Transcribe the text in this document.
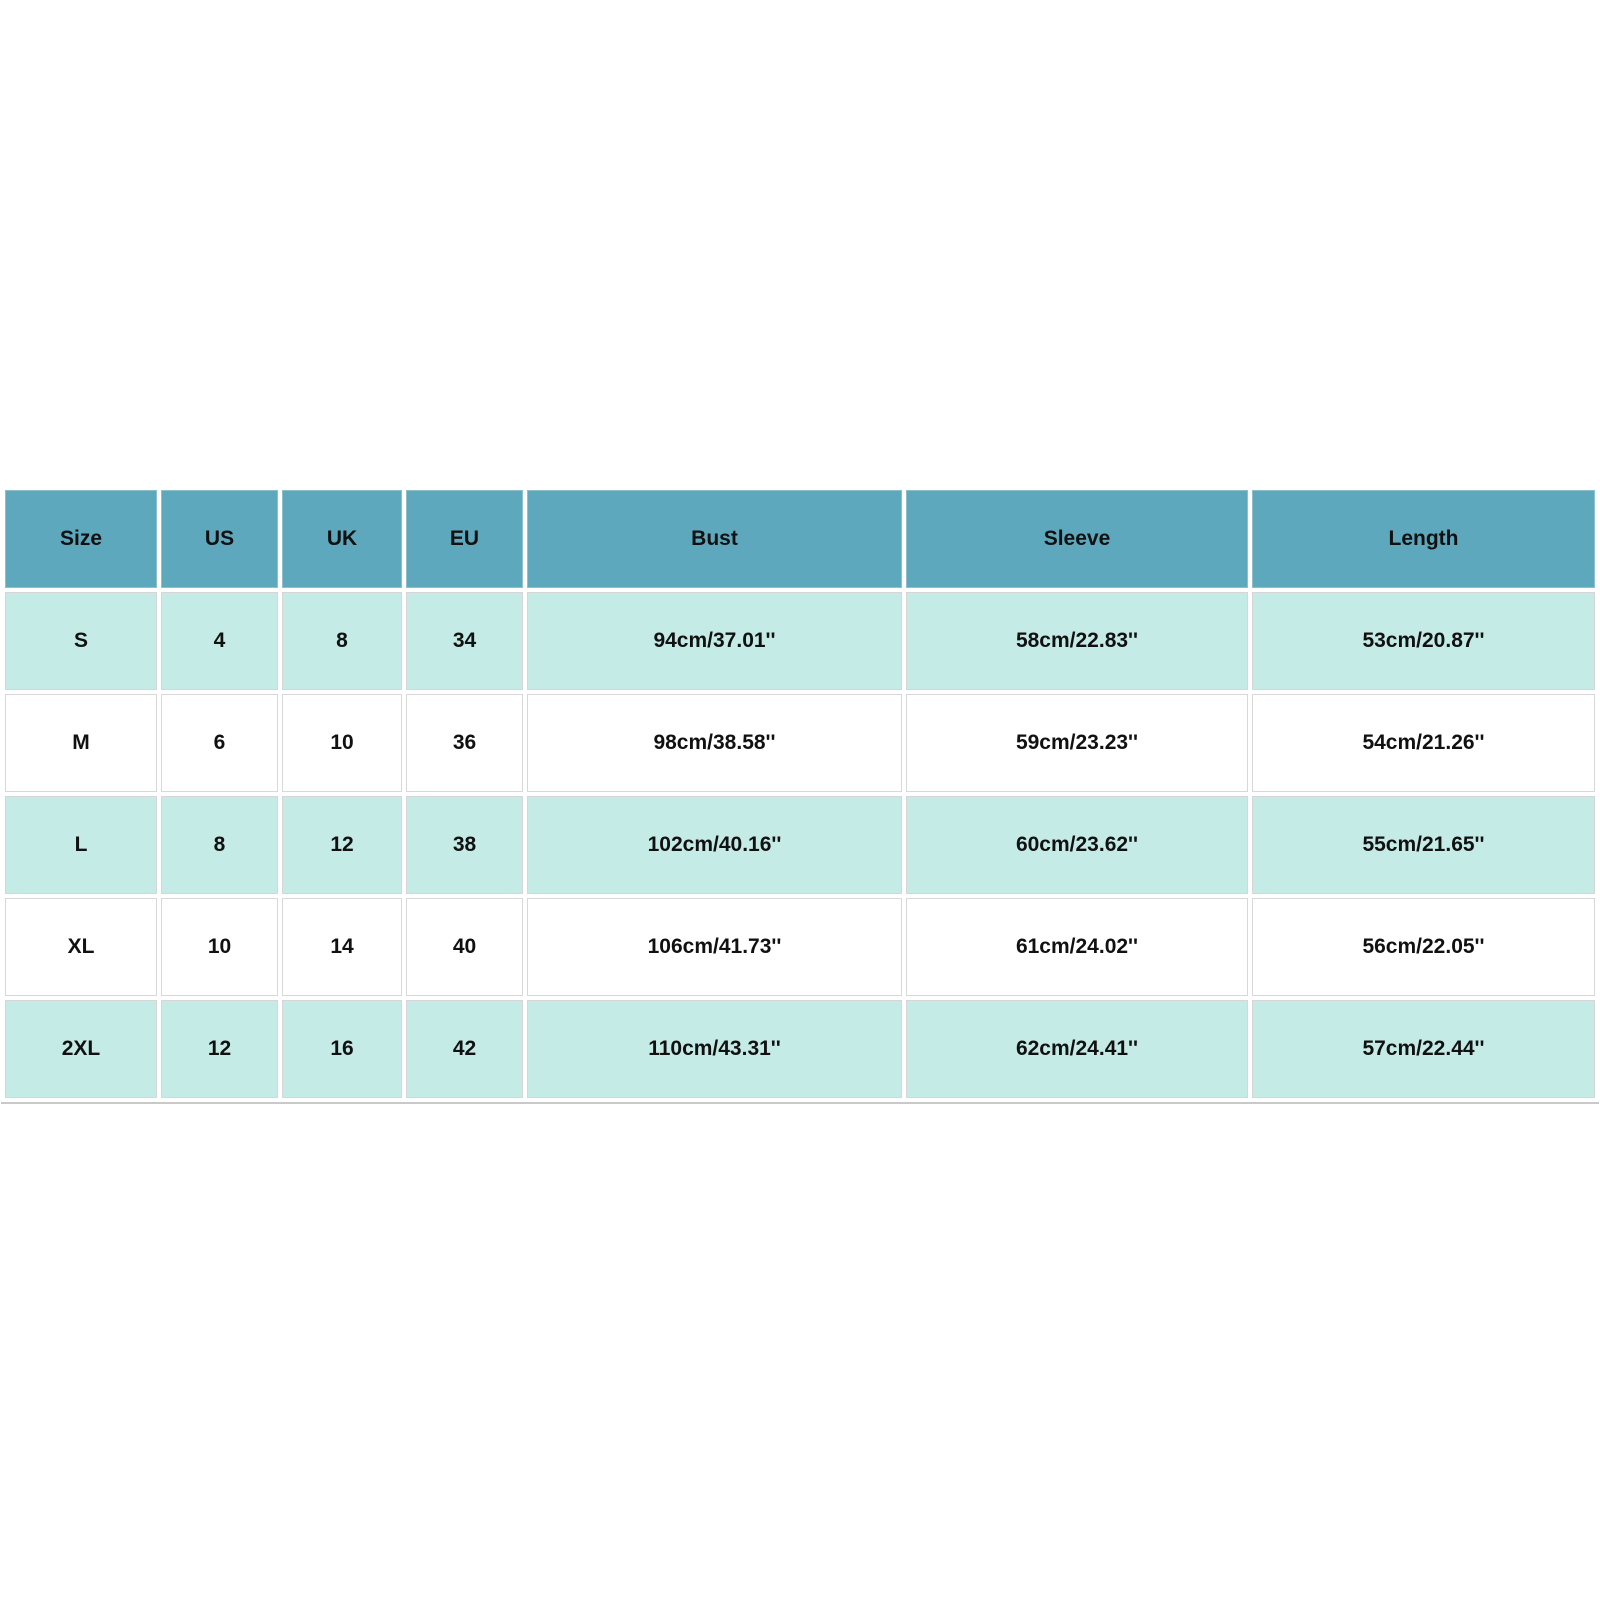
Size	US	UK	EU	Bust	Sleeve	Length
S	4	8	34	94cm/37.01''	58cm/22.83''	53cm/20.87''
M	6	10	36	98cm/38.58''	59cm/23.23''	54cm/21.26''
L	8	12	38	102cm/40.16''	60cm/23.62''	55cm/21.65''
XL	10	14	40	106cm/41.73''	61cm/24.02''	56cm/22.05''
2XL	12	16	42	110cm/43.31''	62cm/24.41''	57cm/22.44''
